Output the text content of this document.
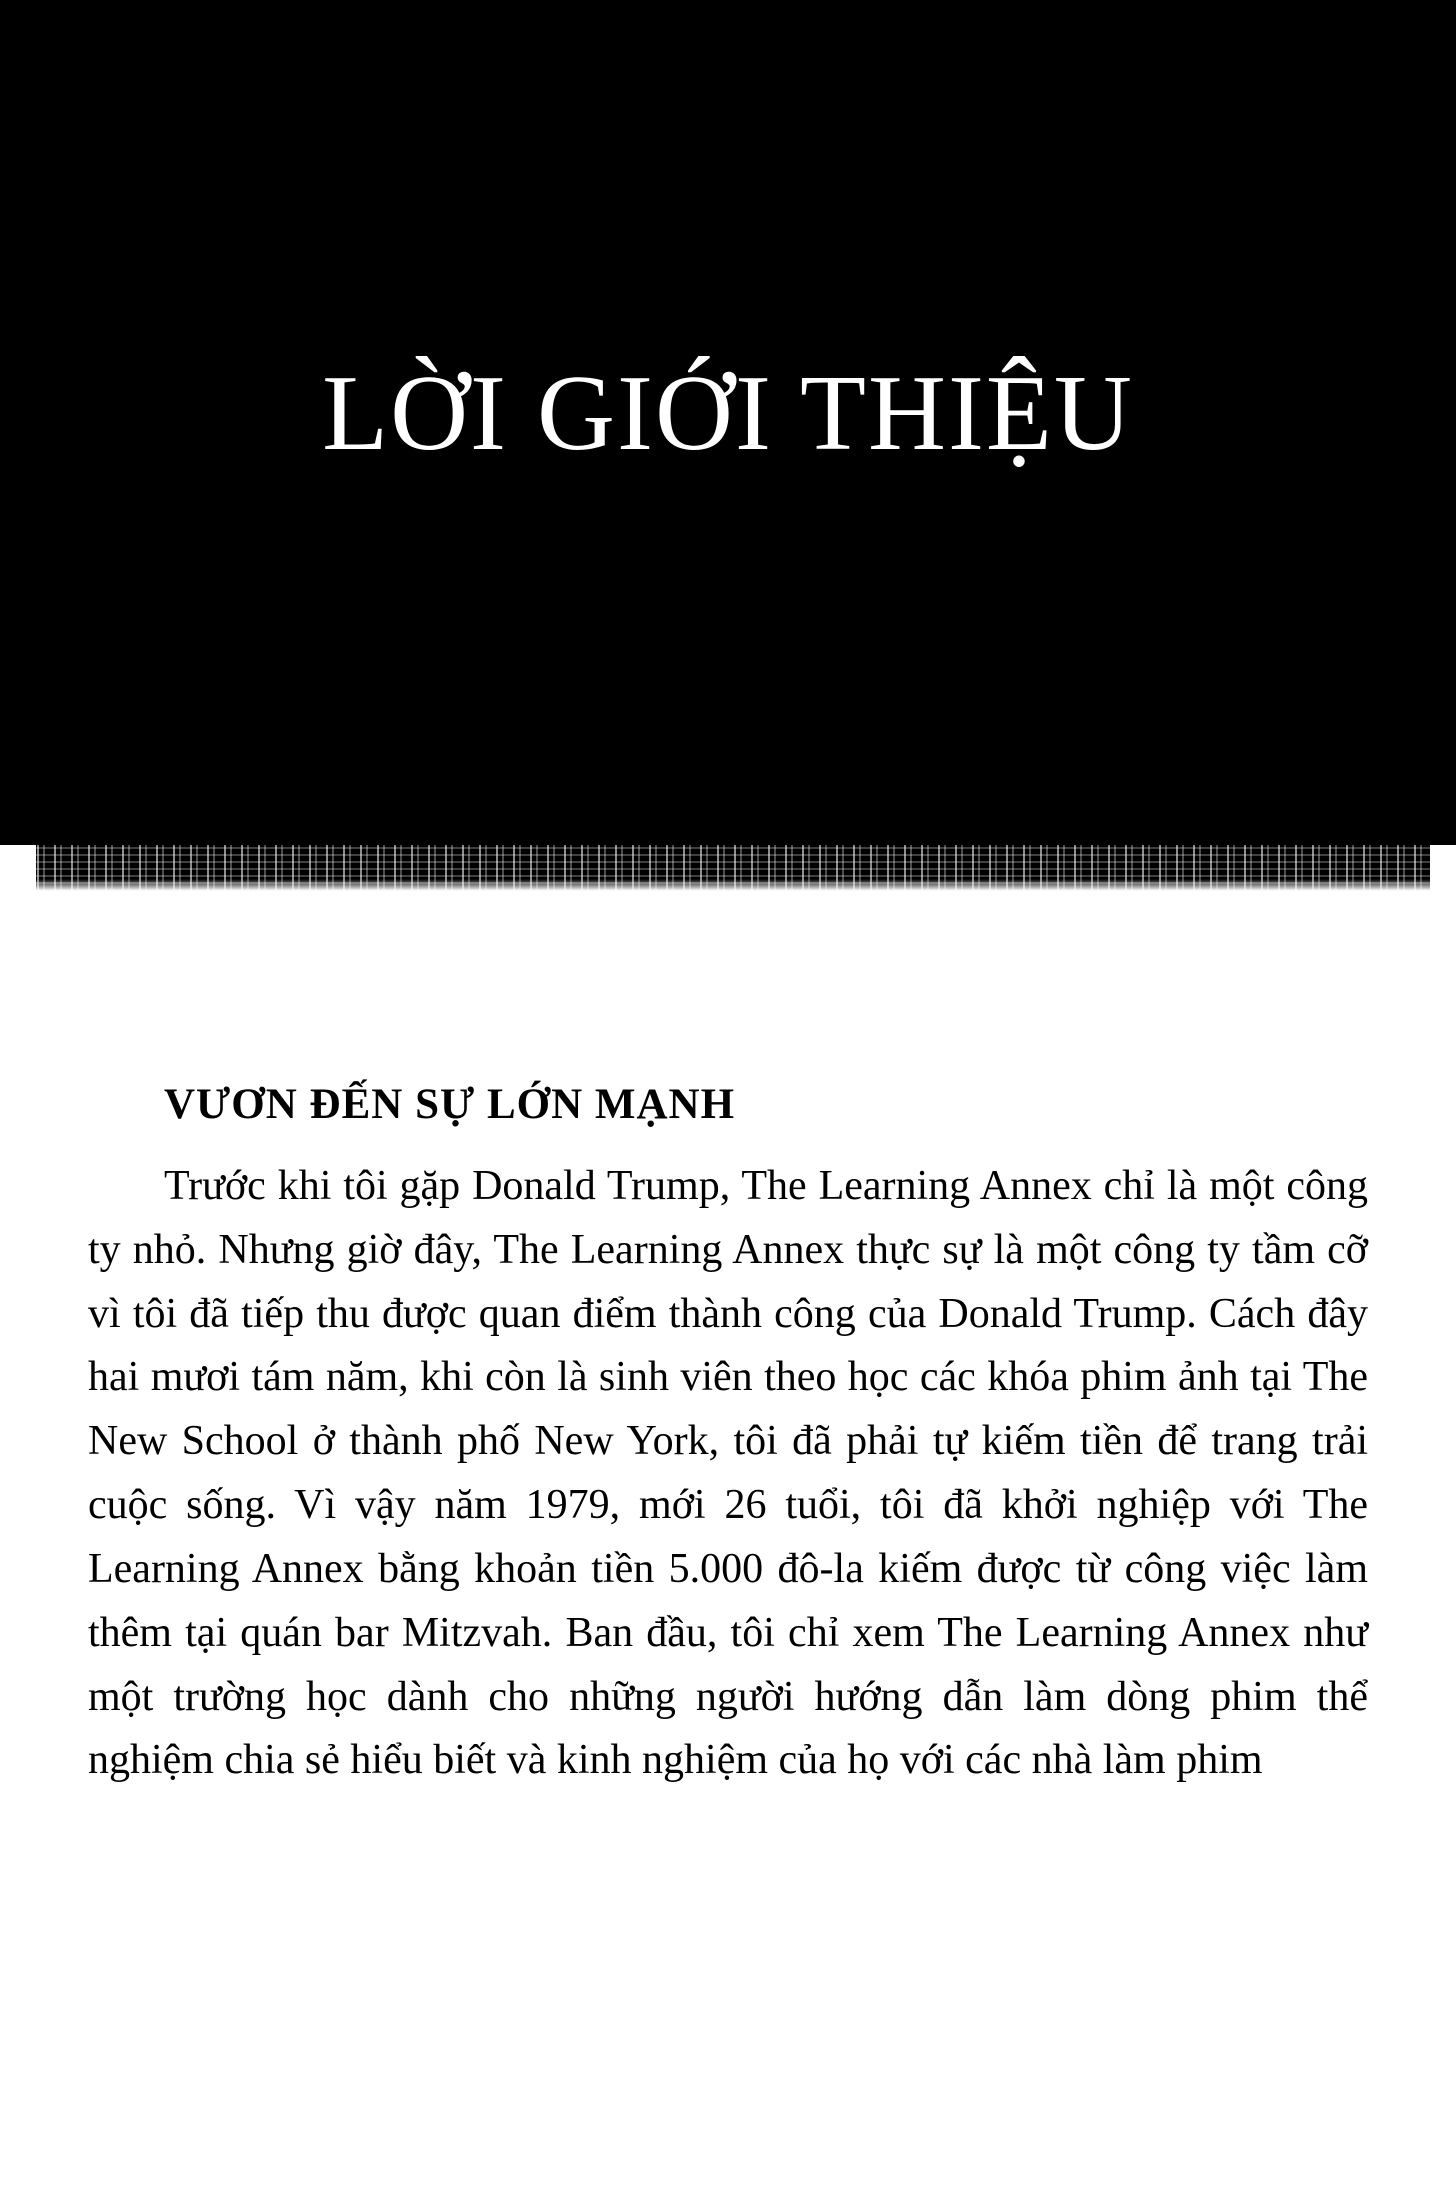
LỜI GIỚI THIỆU
VƯƠN ĐẾN SỰ LỚN MẠNH

Trước khi tôi gặp Donald Trump, The Learning Annex chỉ là một công ty nhỏ. Nhưng giờ đây, The Learning Annex thực sự là một công ty tầm cỡ vì tôi đã tiếp thu được quan điểm thành công của Donald Trump. Cách đây hai mươi tám năm, khi còn là sinh viên theo học các khóa phim ảnh tại The New School ở thành phố New York, tôi đã phải tự kiếm tiền để trang trải cuộc sống. Vì vậy năm 1979, mới 26 tuổi, tôi đã khởi nghiệp với The Learning Annex bằng khoản tiền 5.000 đô-la kiếm được từ công việc làm thêm tại quán bar Mitzvah. Ban đầu, tôi chỉ xem The Learning Annex như một trường học dành cho những người hướng dẫn làm dòng phim thể nghiệm chia sẻ hiểu biết và kinh nghiệm của họ với các nhà làm phim
